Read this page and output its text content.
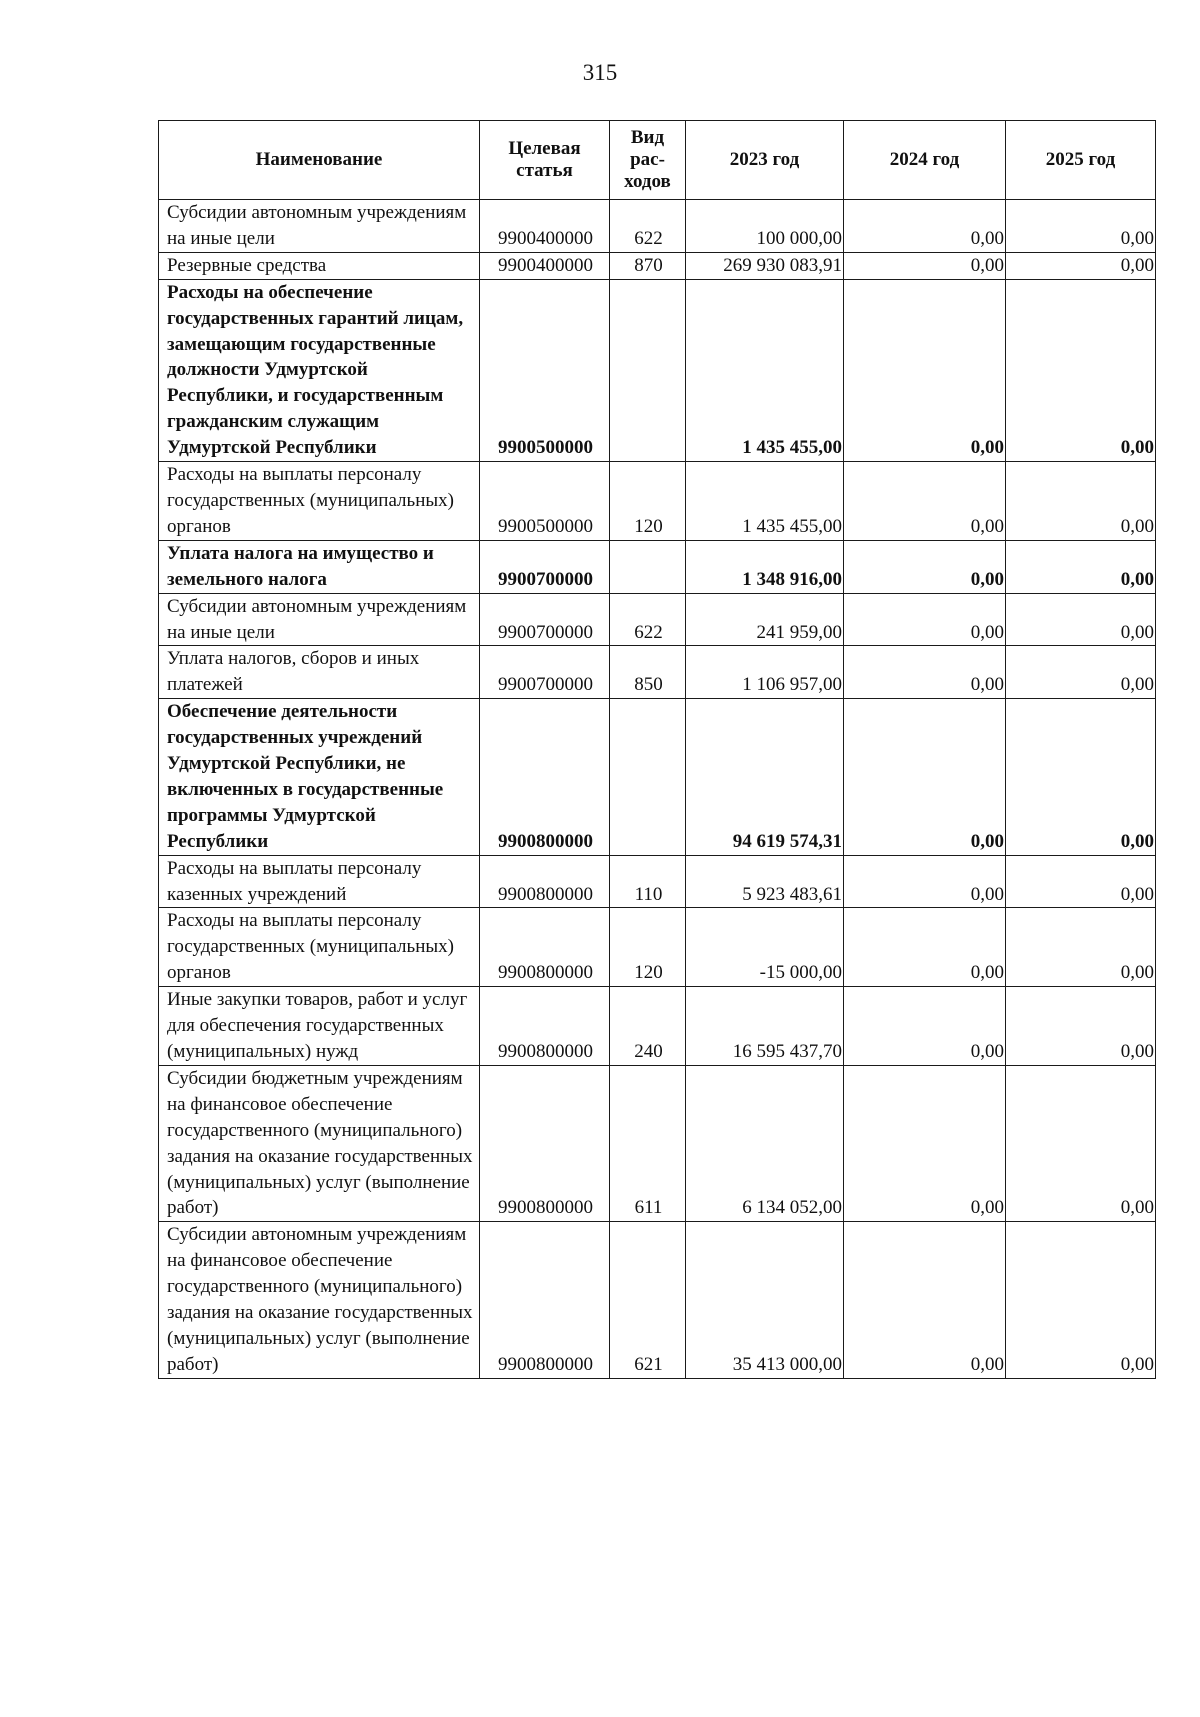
315
Наименование	Целевая статья	Вид рас-ходов	2023 год	2024 год	2025 год
Субсидии автономным учреждениям на иные цели	9900400000	622	100 000,00	0,00	0,00
Резервные средства	9900400000	870	269 930 083,91	0,00	0,00
Расходы на обеспечение государственных гарантий лицам, замещающим государственные должности Удмуртской Республики, и государственным гражданским служащим Удмуртской Республики	9900500000		1 435 455,00	0,00	0,00
Расходы на выплаты персоналу государственных (муниципальных) органов	9900500000	120	1 435 455,00	0,00	0,00
Уплата налога на имущество и земельного налога	9900700000		1 348 916,00	0,00	0,00
Субсидии автономным учреждениям на иные цели	9900700000	622	241 959,00	0,00	0,00
Уплата налогов, сборов и иных платежей	9900700000	850	1 106 957,00	0,00	0,00
Обеспечение деятельности государственных учреждений Удмуртской Республики, не включенных в государственные программы Удмуртской Республики	9900800000		94 619 574,31	0,00	0,00
Расходы на выплаты персоналу казенных учреждений	9900800000	110	5 923 483,61	0,00	0,00
Расходы на выплаты персоналу государственных (муниципальных) органов	9900800000	120	-15 000,00	0,00	0,00
Иные закупки товаров, работ и услуг для обеспечения государственных (муниципальных) нужд	9900800000	240	16 595 437,70	0,00	0,00
Субсидии бюджетным учреждениям на финансовое обеспечение государственного (муниципального) задания на оказание государственных (муниципальных) услуг (выполнение работ)	9900800000	611	6 134 052,00	0,00	0,00
Субсидии автономным учреждениям на финансовое обеспечение государственного (муниципального) задания на оказание государственных (муниципальных) услуг (выполнение работ)	9900800000	621	35 413 000,00	0,00	0,00
